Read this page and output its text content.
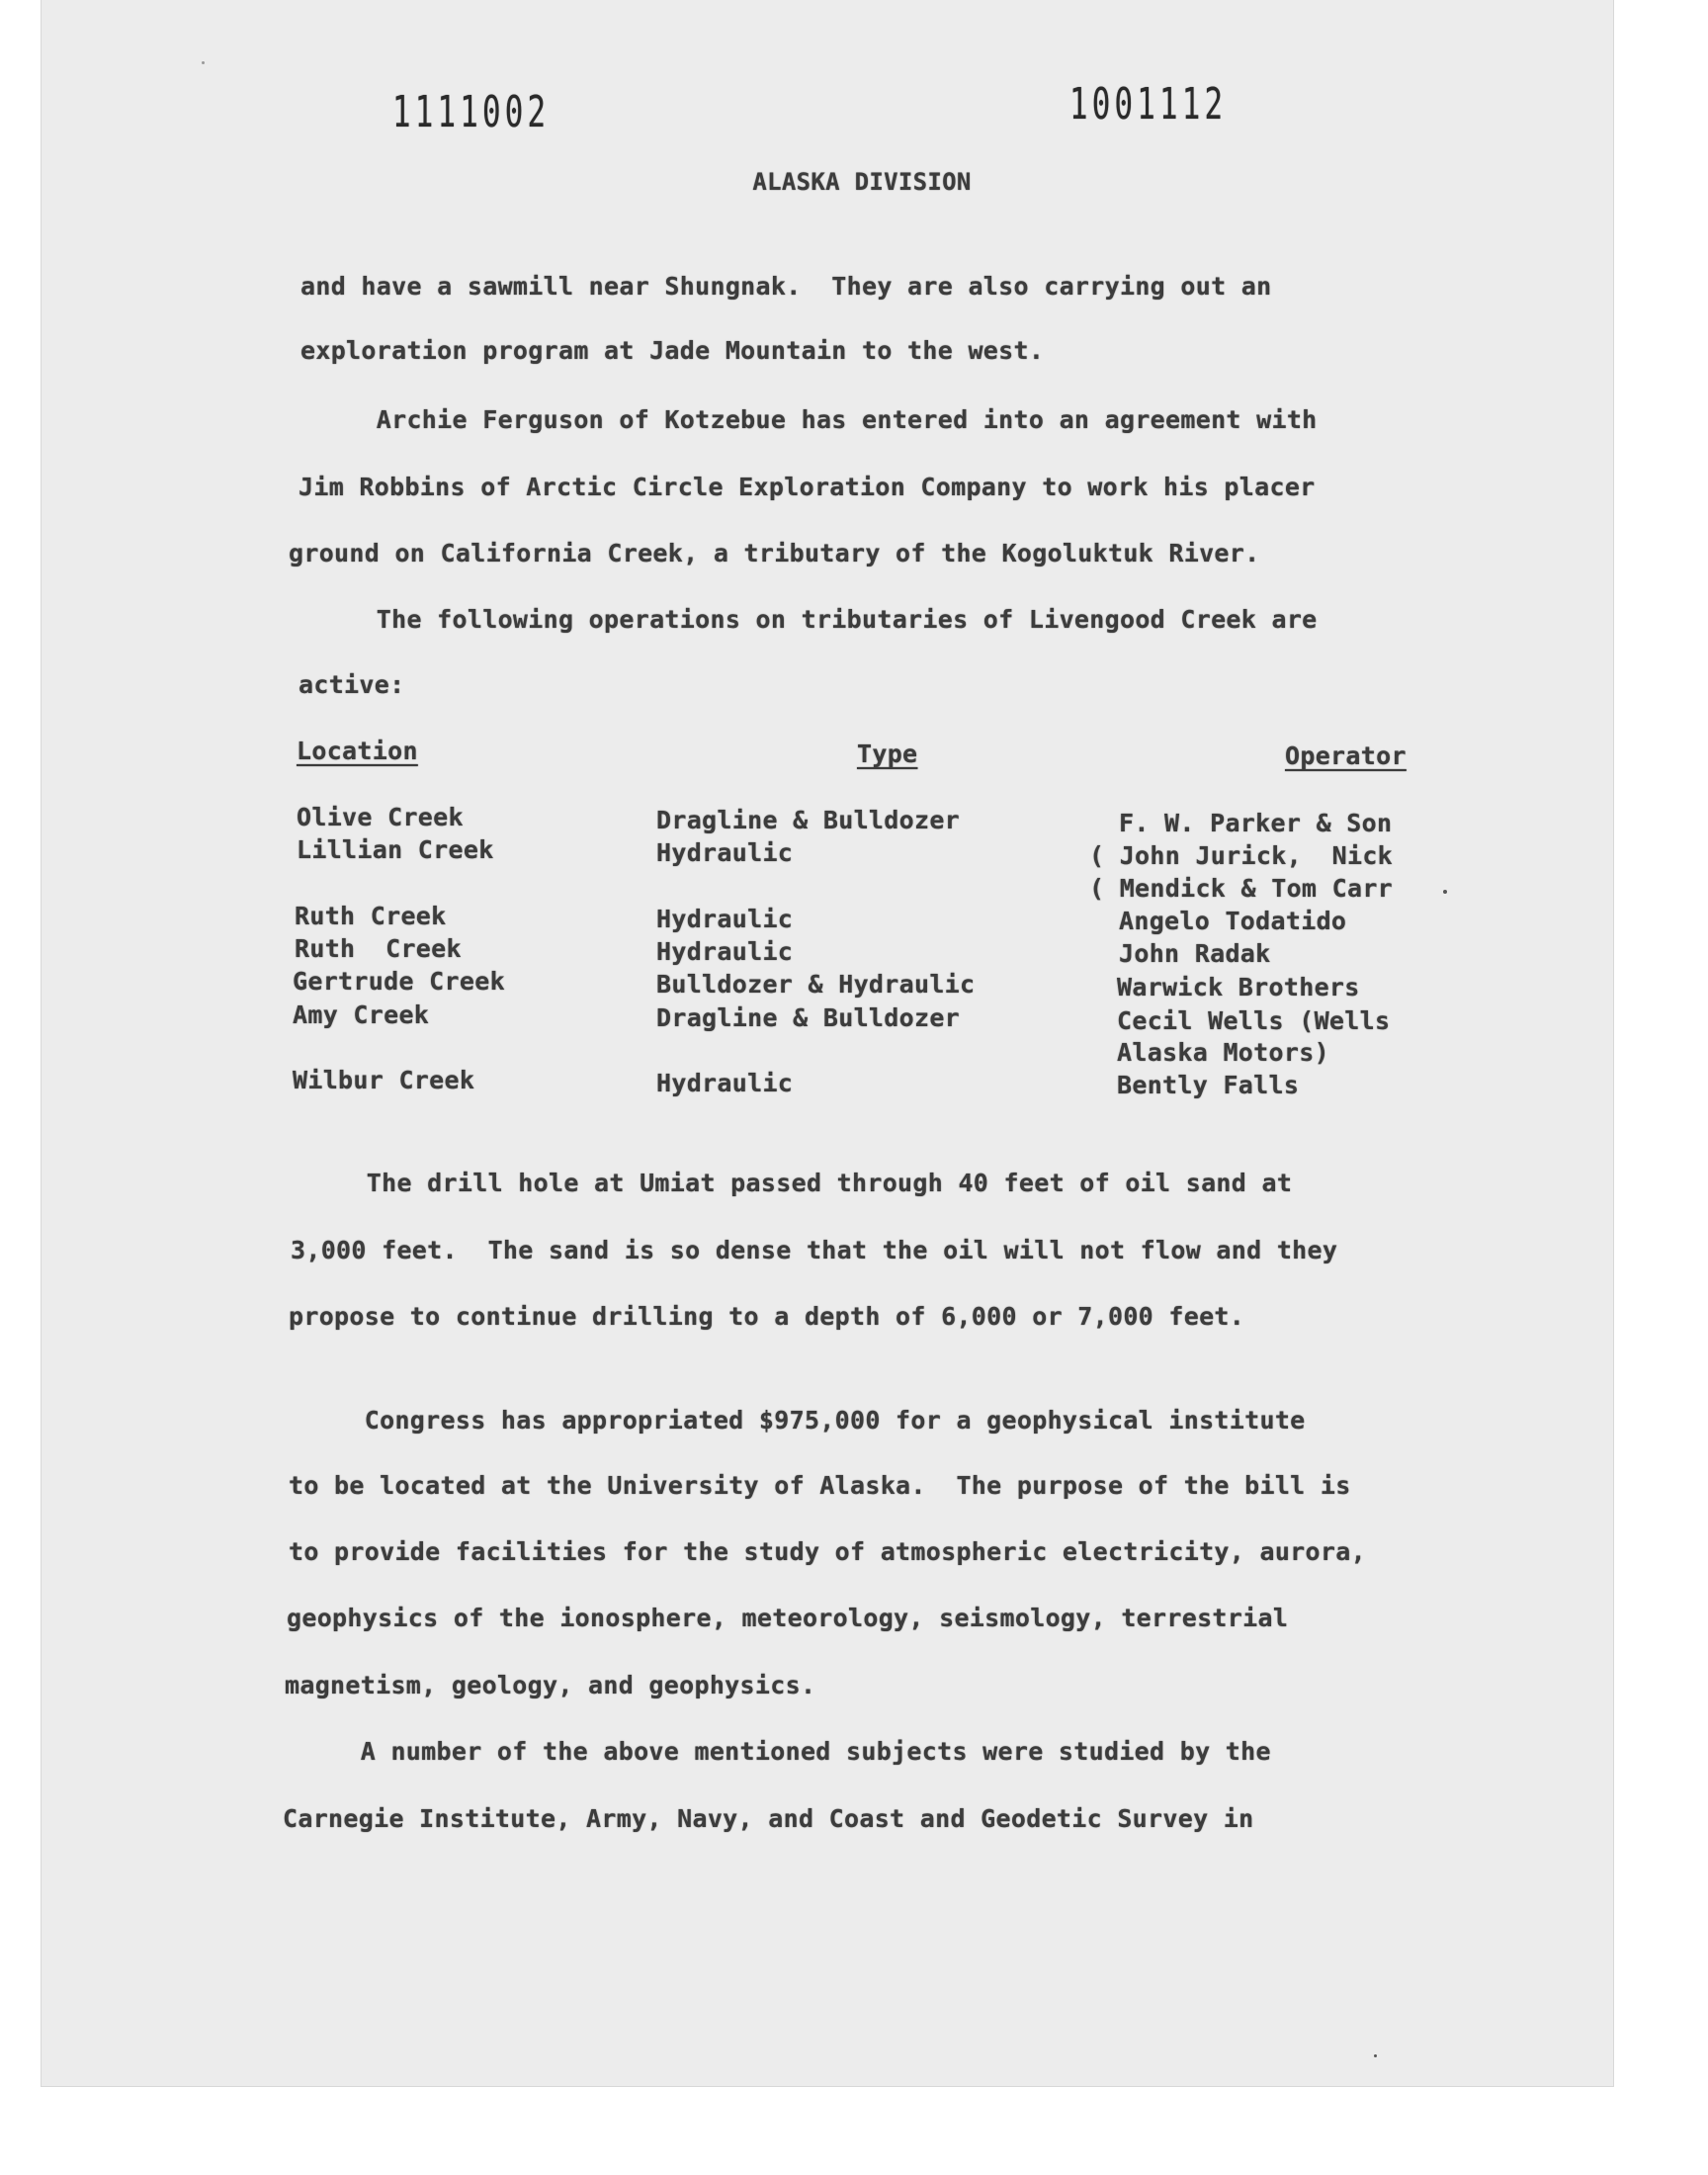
1111002	1001112
ALASKA DIVISION
and have a sawmill near Shungnak.  They are also carrying out an
exploration program at Jade Mountain to the west.
Archie Ferguson of Kotzebue has entered into an agreement with
Jim Robbins of Arctic Circle Exploration Company to work his placer
ground on California Creek, a tributary of the Kogoluktuk River.
The following operations on tributaries of Livengood Creek are
active:
Location	Type	Operator
Olive Creek	Dragline & Bulldozer	F. W. Parker & Son
Lillian Creek	Hydraulic	( John Jurick,  Nick
( Mendick & Tom Carr
Ruth Creek	Hydraulic	Angelo Todatido
Ruth  Creek	Hydraulic	John Radak
Gertrude Creek	Bulldozer & Hydraulic	Warwick Brothers
Amy Creek	Dragline & Bulldozer	Cecil Wells (Wells
Alaska Motors)
Wilbur Creek	Hydraulic	Bently Falls
The drill hole at Umiat passed through 40 feet of oil sand at
3,000 feet.  The sand is so dense that the oil will not flow and they
propose to continue drilling to a depth of 6,000 or 7,000 feet.
Congress has appropriated $975,000 for a geophysical institute
to be located at the University of Alaska.  The purpose of the bill is
to provide facilities for the study of atmospheric electricity, aurora,
geophysics of the ionosphere, meteorology, seismology, terrestrial
magnetism, geology, and geophysics.
A number of the above mentioned subjects were studied by the
Carnegie Institute, Army, Navy, and Coast and Geodetic Survey in
